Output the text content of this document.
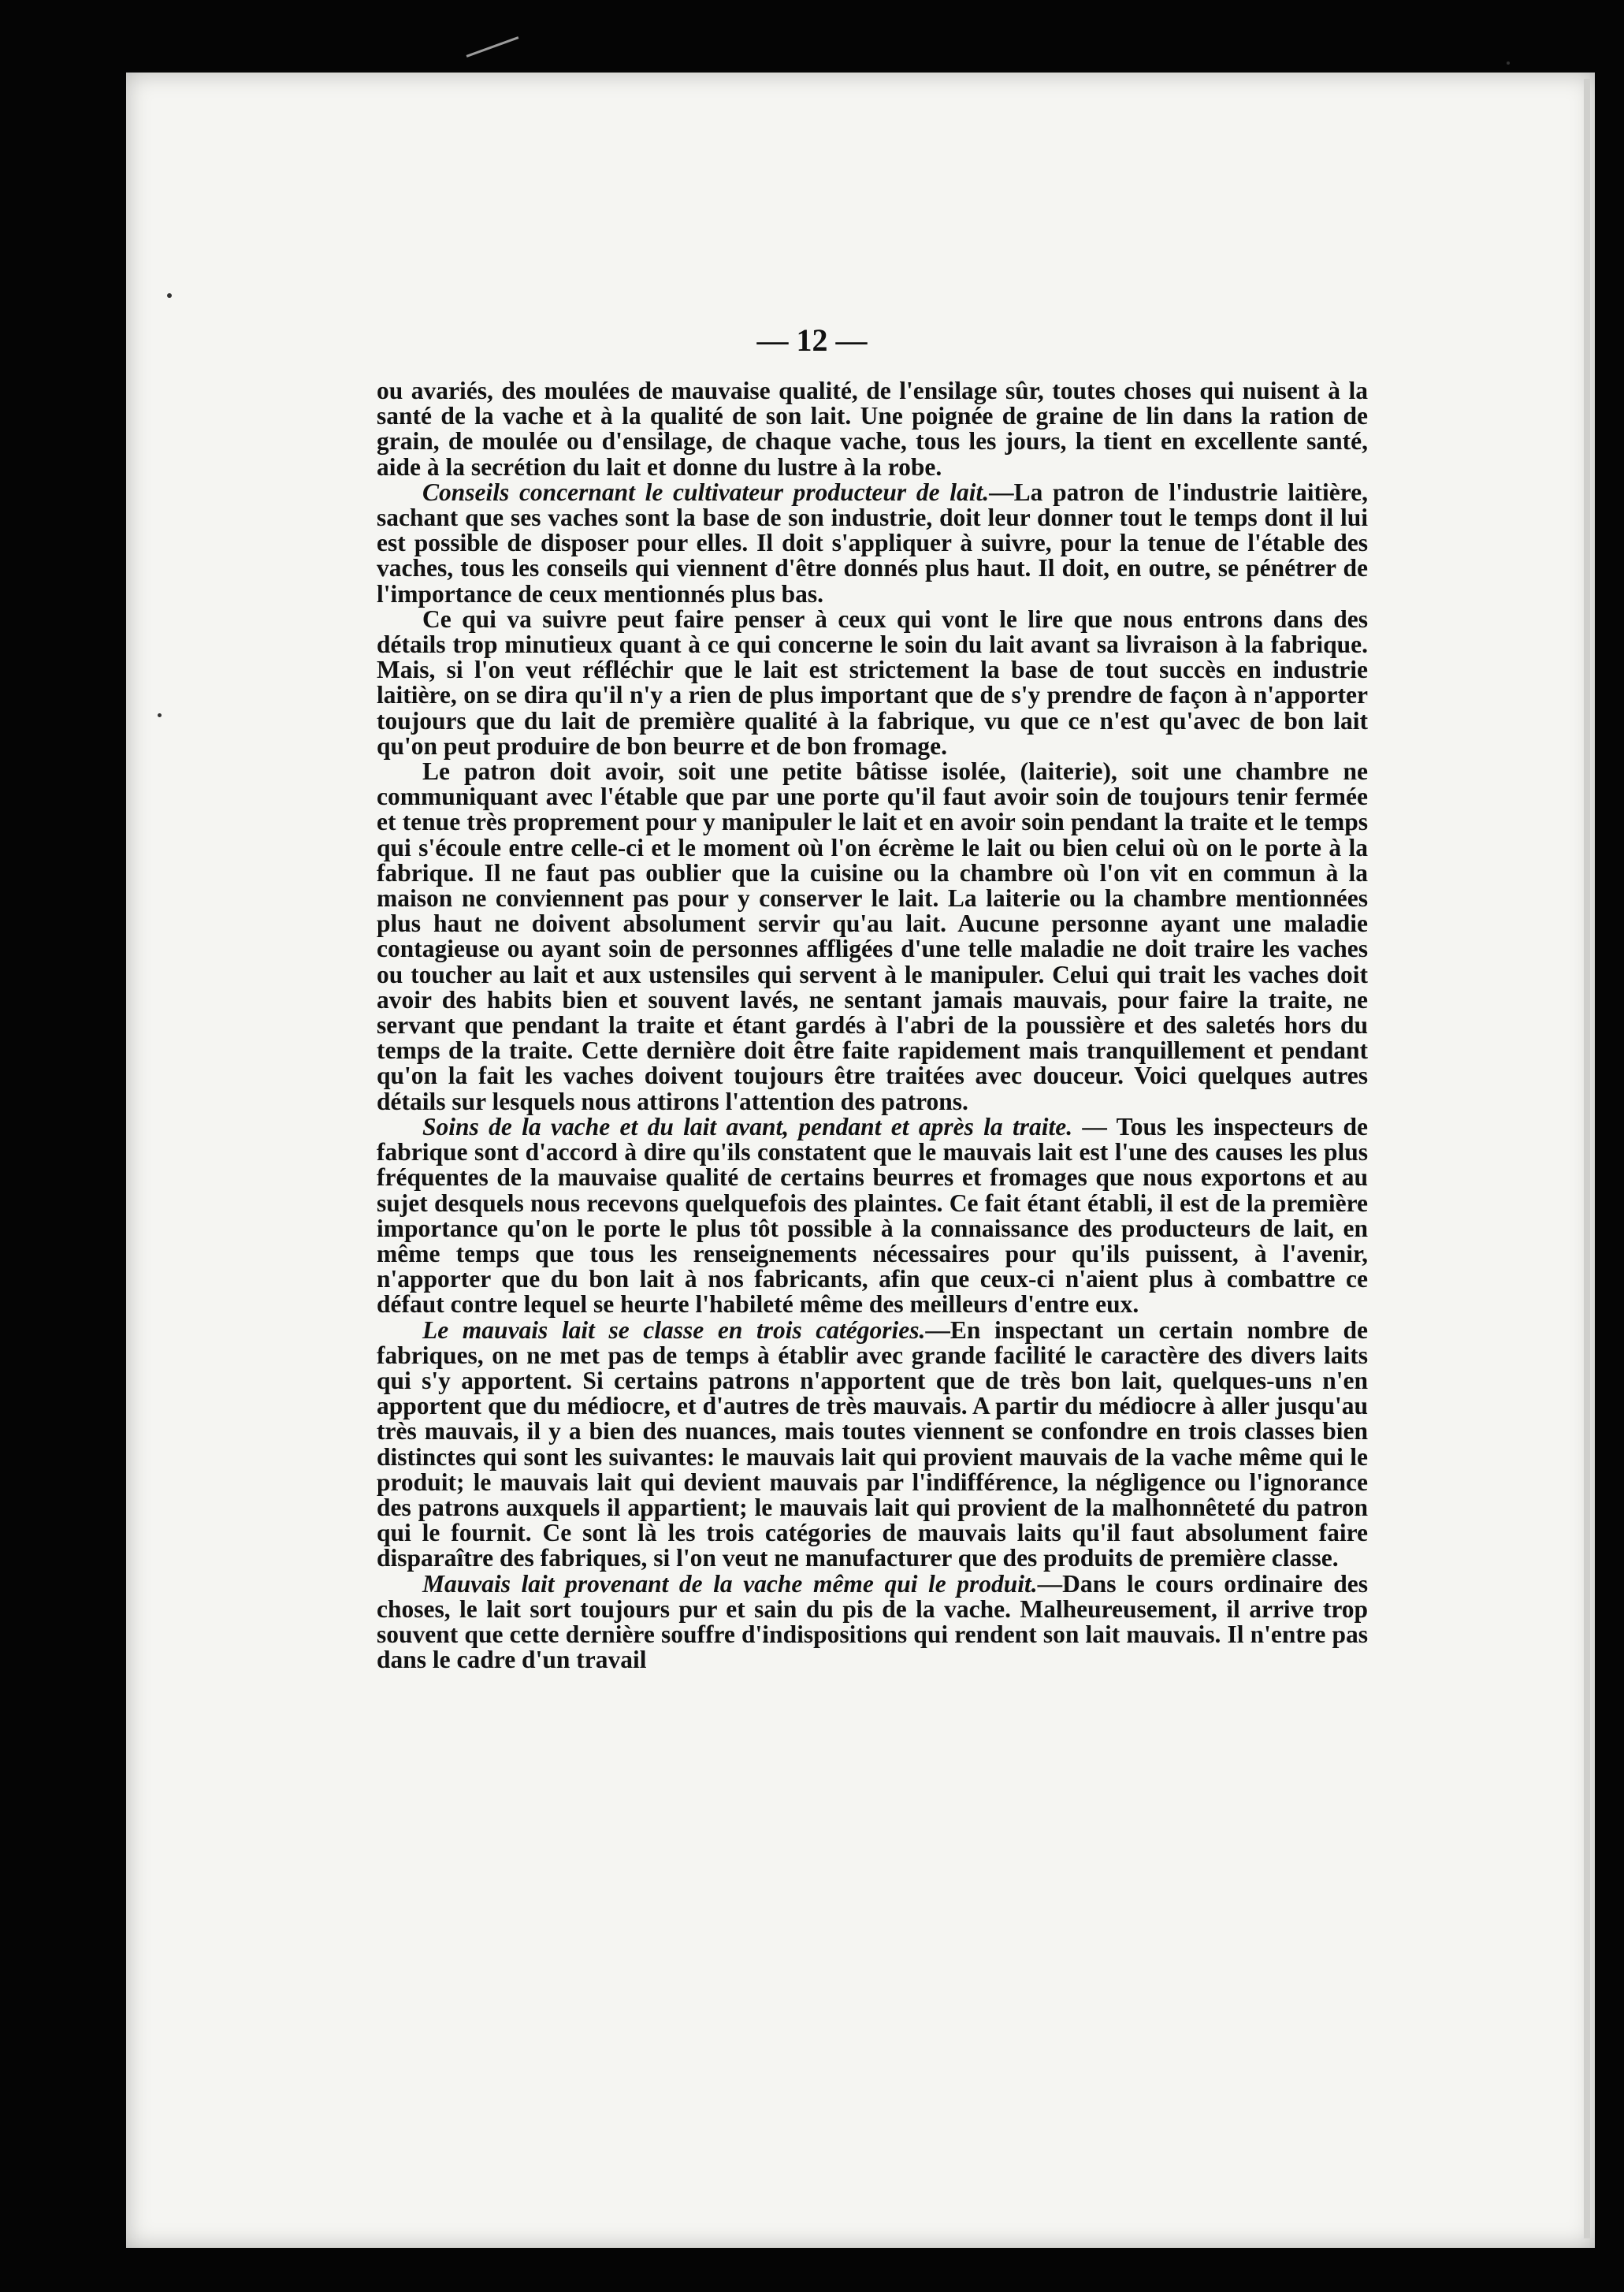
— 12 —

ou avariés, des moulées de mauvaise qualité, de l'ensilage sûr, toutes choses qui nuisent à la santé de la vache et à la qualité de son lait. Une poignée de graine de lin dans la ration de grain, de moulée ou d'ensilage, de chaque vache, tous les jours, la tient en excellente santé, aide à la secrétion du lait et donne du lustre à la robe.

Conseils concernant le cultivateur producteur de lait.—La patron de l'industrie laitière, sachant que ses vaches sont la base de son industrie, doit leur donner tout le temps dont il lui est possible de disposer pour elles. Il doit s'appliquer à suivre, pour la tenue de l'étable des vaches, tous les conseils qui viennent d'être donnés plus haut. Il doit, en outre, se pénétrer de l'importance de ceux mentionnés plus bas.

Ce qui va suivre peut faire penser à ceux qui vont le lire que nous entrons dans des détails trop minutieux quant à ce qui concerne le soin du lait avant sa livraison à la fabrique. Mais, si l'on veut réfléchir que le lait est strictement la base de tout succès en industrie laitière, on se dira qu'il n'y a rien de plus important que de s'y prendre de façon à n'apporter toujours que du lait de première qualité à la fabrique, vu que ce n'est qu'avec de bon lait qu'on peut produire de bon beurre et de bon fromage.

Le patron doit avoir, soit une petite bâtisse isolée, (laiterie), soit une chambre ne communiquant avec l'étable que par une porte qu'il faut avoir soin de toujours tenir fermée et tenue très proprement pour y manipuler le lait et en avoir soin pendant la traite et le temps qui s'écoule entre celle-ci et le moment où l'on écrème le lait ou bien celui où on le porte à la fabrique. Il ne faut pas oublier que la cuisine ou la chambre où l'on vit en commun à la maison ne conviennent pas pour y conserver le lait. La laiterie ou la chambre mentionnées plus haut ne doivent absolument servir qu'au lait. Aucune personne ayant une maladie contagieuse ou ayant soin de personnes affligées d'une telle maladie ne doit traire les vaches ou toucher au lait et aux ustensiles qui servent à le manipuler. Celui qui trait les vaches doit avoir des habits bien et souvent lavés, ne sentant jamais mauvais, pour faire la traite, ne servant que pendant la traite et étant gardés à l'abri de la poussière et des saletés hors du temps de la traite. Cette dernière doit être faite rapidement mais tranquillement et pendant qu'on la fait les vaches doivent toujours être traitées avec douceur. Voici quelques autres détails sur lesquels nous attirons l'attention des patrons.

Soins de la vache et du lait avant, pendant et après la traite. — Tous les inspecteurs de fabrique sont d'accord à dire qu'ils constatent que le mauvais lait est l'une des causes les plus fréquentes de la mauvaise qualité de certains beurres et fromages que nous exportons et au sujet desquels nous recevons quelquefois des plaintes. Ce fait étant établi, il est de la première importance qu'on le porte le plus tôt possible à la connaissance des producteurs de lait, en même temps que tous les renseignements nécessaires pour qu'ils puissent, à l'avenir, n'apporter que du bon lait à nos fabricants, afin que ceux-ci n'aient plus à combattre ce défaut contre lequel se heurte l'habileté même des meilleurs d'entre eux.

Le mauvais lait se classe en trois catégories.—En inspectant un certain nombre de fabriques, on ne met pas de temps à établir avec grande facilité le caractère des divers laits qui s'y apportent. Si certains patrons n'apportent que de très bon lait, quelques-uns n'en apportent que du médiocre, et d'autres de très mauvais. A partir du médiocre à aller jusqu'au très mauvais, il y a bien des nuances, mais toutes viennent se confondre en trois classes bien distinctes qui sont les suivantes: le mauvais lait qui provient mauvais de la vache même qui le produit; le mauvais lait qui devient mauvais par l'indifférence, la négligence ou l'ignorance des patrons auxquels il appartient; le mauvais lait qui provient de la malhonnêteté du patron qui le fournit. Ce sont là les trois catégories de mauvais laits qu'il faut absolument faire disparaître des fabriques, si l'on veut ne manufacturer que des produits de première classe.

Mauvais lait provenant de la vache même qui le produit.—Dans le cours ordinaire des choses, le lait sort toujours pur et sain du pis de la vache. Malheureusement, il arrive trop souvent que cette dernière souffre d'indispositions qui rendent son lait mauvais. Il n'entre pas dans le cadre d'un travail
